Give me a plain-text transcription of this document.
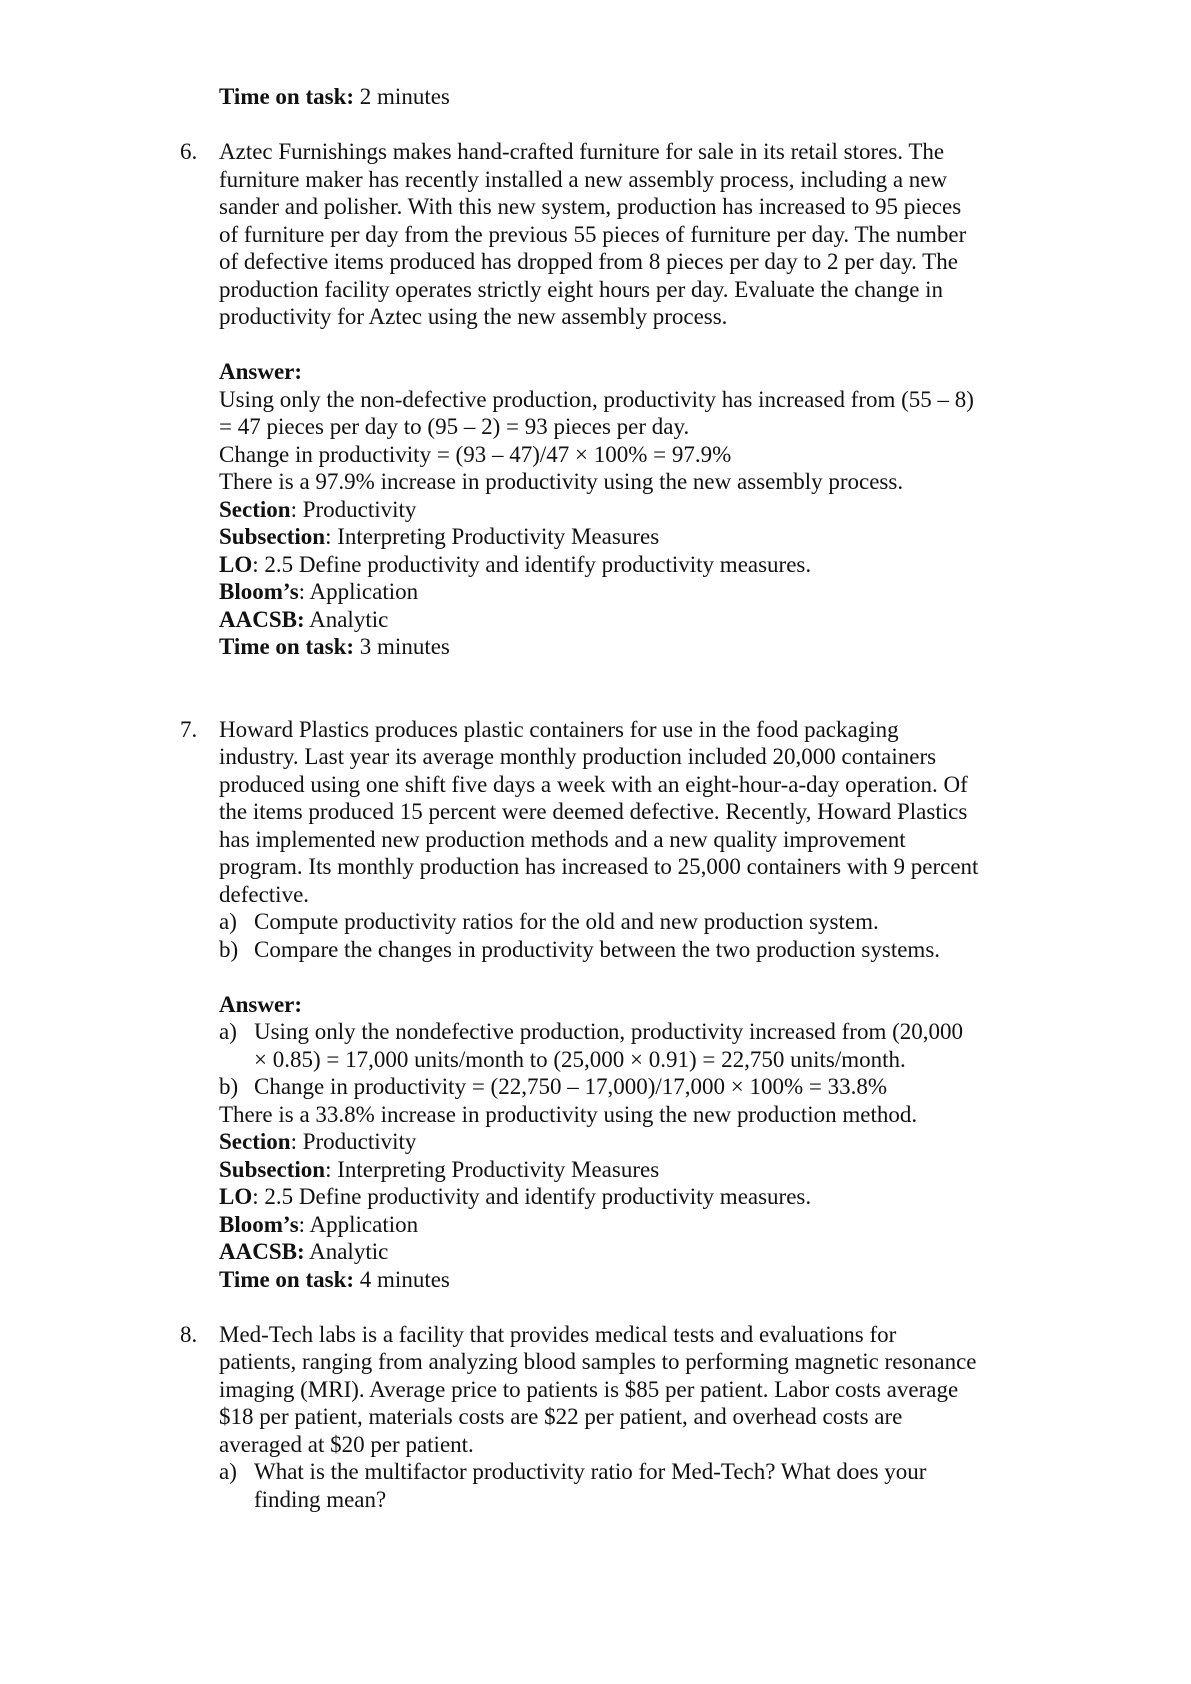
Time on task: 2 minutes
6. Aztec Furnishings makes hand-crafted furniture for sale in its retail stores. The
furniture maker has recently installed a new assembly process, including a new
sander and polisher. With this new system, production has increased to 95 pieces
of furniture per day from the previous 55 pieces of furniture per day. The number
of defective items produced has dropped from 8 pieces per day to 2 per day. The
production facility operates strictly eight hours per day. Evaluate the change in
productivity for Aztec using the new assembly process.
Answer:
Using only the non-defective production, productivity has increased from (55 – 8)
= 47 pieces per day to (95 – 2) = 93 pieces per day.
Change in productivity = (93 – 47)/47 × 100% = 97.9%
There is a 97.9% increase in productivity using the new assembly process.
Section: Productivity
Subsection: Interpreting Productivity Measures
LO: 2.5 Define productivity and identify productivity measures.
Bloom’s: Application
AACSB: Analytic
Time on task: 3 minutes
7. Howard Plastics produces plastic containers for use in the food packaging
industry. Last year its average monthly production included 20,000 containers
produced using one shift five days a week with an eight-hour-a-day operation. Of
the items produced 15 percent were deemed defective. Recently, Howard Plastics
has implemented new production methods and a new quality improvement
program. Its monthly production has increased to 25,000 containers with 9 percent
defective.
a) Compute productivity ratios for the old and new production system.
b) Compare the changes in productivity between the two production systems.
Answer:
a) Using only the nondefective production, productivity increased from (20,000
× 0.85) = 17,000 units/month to (25,000 × 0.91) = 22,750 units/month.
b) Change in productivity = (22,750 – 17,000)/17,000 × 100% = 33.8%
There is a 33.8% increase in productivity using the new production method.
Section: Productivity
Subsection: Interpreting Productivity Measures
LO: 2.5 Define productivity and identify productivity measures.
Bloom’s: Application
AACSB: Analytic
Time on task: 4 minutes
8. Med-Tech labs is a facility that provides medical tests and evaluations for
patients, ranging from analyzing blood samples to performing magnetic resonance
imaging (MRI). Average price to patients is $85 per patient. Labor costs average
$18 per patient, materials costs are $22 per patient, and overhead costs are
averaged at $20 per patient.
a) What is the multifactor productivity ratio for Med-Tech? What does your
finding mean?
